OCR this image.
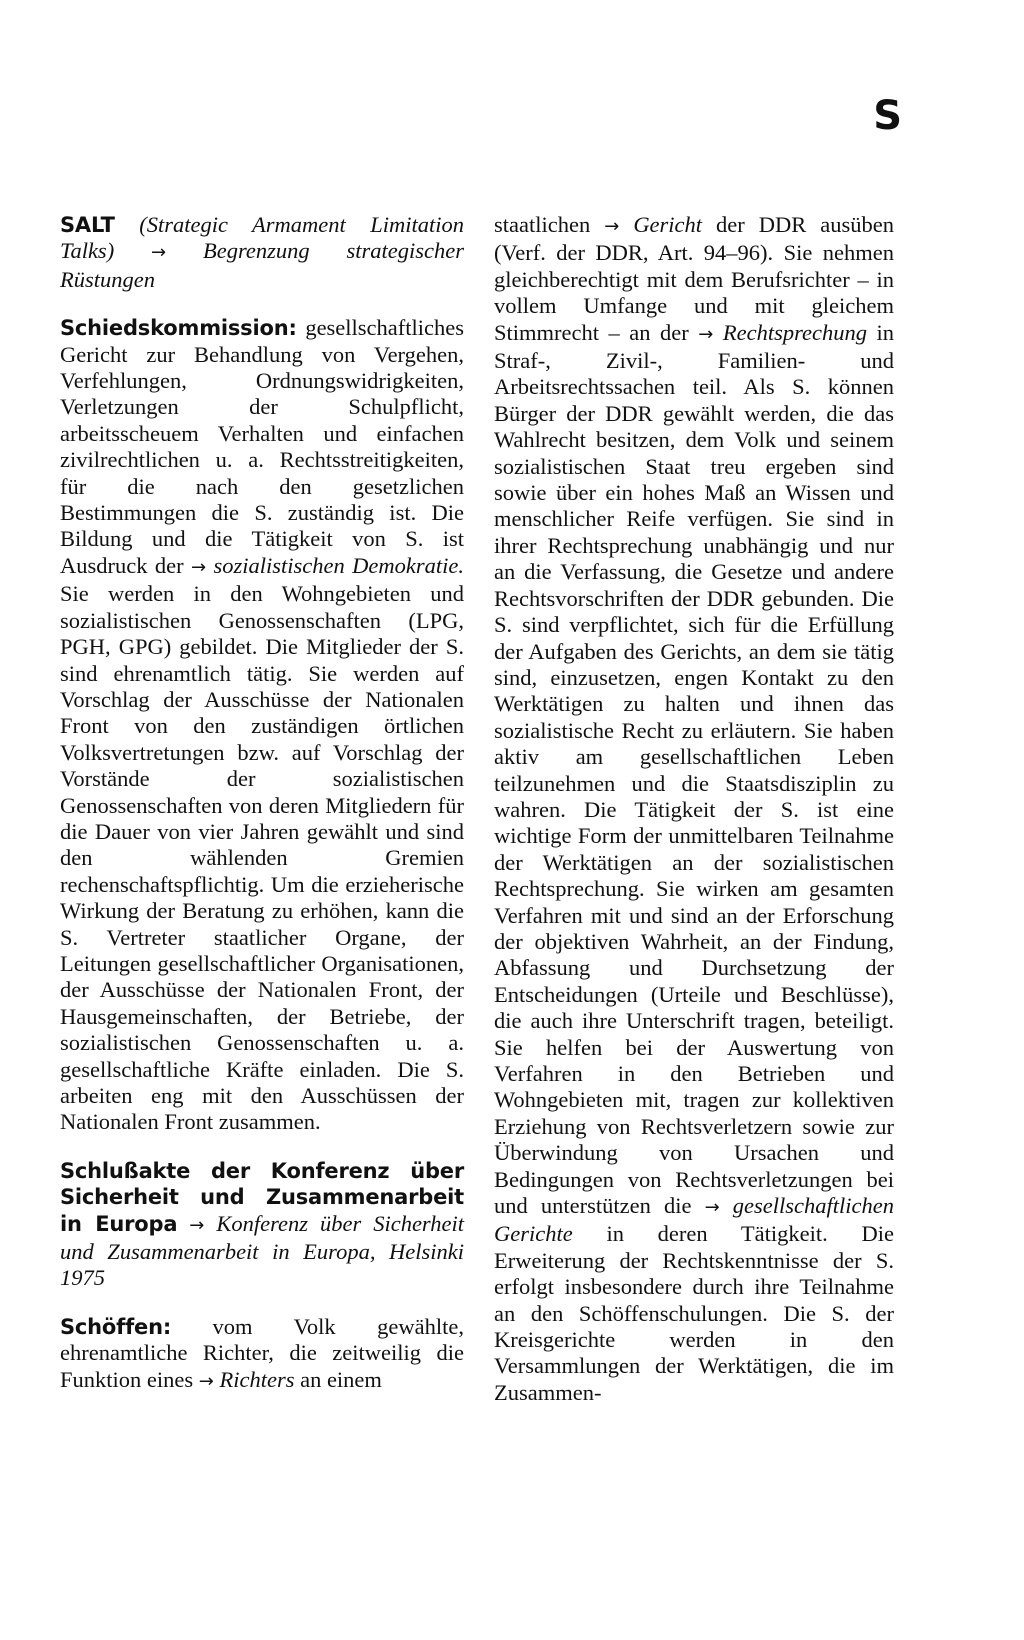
S
SALT (Strategic Armament Limitation Talks) → Begrenzung strategischer Rüstungen
Schiedskommission: gesellschaftliches Gericht zur Behandlung von Vergehen, Verfehlungen, Ordnungswidrigkeiten, Verletzungen der Schulpflicht, arbeitsscheuem Verhalten und einfachen zivilrechtlichen u. a. Rechtsstreitigkeiten, für die nach den gesetzlichen Bestimmungen die S. zuständig ist. Die Bildung und die Tätigkeit von S. ist Ausdruck der → sozialistischen Demokratie. Sie werden in den Wohngebieten und sozialistischen Genossenschaften (LPG, PGH, GPG) gebildet. Die Mitglieder der S. sind ehrenamtlich tätig. Sie werden auf Vorschlag der Ausschüsse der Nationalen Front von den zuständigen örtlichen Volksvertretungen bzw. auf Vorschlag der Vorstände der sozialistischen Genossenschaften von deren Mitgliedern für die Dauer von vier Jahren gewählt und sind den wählenden Gremien rechenschaftspflichtig. Um die erzieherische Wirkung der Beratung zu erhöhen, kann die S. Vertreter staatlicher Organe, der Leitungen gesellschaftlicher Organisationen, der Ausschüsse der Nationalen Front, der Hausgemeinschaften, der Betriebe, der sozialistischen Genossenschaften u. a. gesellschaftliche Kräfte einladen. Die S. arbeiten eng mit den Ausschüssen der Nationalen Front zusammen.
Schlußakte der Konferenz über Sicherheit und Zusammenarbeit in Europa → Konferenz über Sicherheit und Zusammenarbeit in Europa, Helsinki 1975
Schöffen: vom Volk gewählte, ehrenamtliche Richter, die zeitweilig die Funktion eines → Richters an einem

staatlichen → Gericht der DDR ausüben (Verf. der DDR, Art. 94–96). Sie nehmen gleichberechtigt mit dem Berufsrichter – in vollem Umfange und mit gleichem Stimmrecht – an der → Rechtsprechung in Straf-, Zivil-, Familien- und Arbeitsrechtssachen teil. Als S. können Bürger der DDR gewählt werden, die das Wahlrecht besitzen, dem Volk und seinem sozialistischen Staat treu ergeben sind sowie über ein hohes Maß an Wissen und menschlicher Reife verfügen. Sie sind in ihrer Rechtsprechung unabhängig und nur an die Verfassung, die Gesetze und andere Rechtsvorschriften der DDR gebunden. Die S. sind verpflichtet, sich für die Erfüllung der Aufgaben des Gerichts, an dem sie tätig sind, einzusetzen, engen Kontakt zu den Werktätigen zu halten und ihnen das sozialistische Recht zu erläutern. Sie haben aktiv am gesellschaftlichen Leben teilzunehmen und die Staatsdisziplin zu wahren. Die Tätigkeit der S. ist eine wichtige Form der unmittelbaren Teilnahme der Werktätigen an der sozialistischen Rechtsprechung. Sie wirken am gesamten Verfahren mit und sind an der Erforschung der objektiven Wahrheit, an der Findung, Abfassung und Durchsetzung der Entscheidungen (Urteile und Beschlüsse), die auch ihre Unterschrift tragen, beteiligt. Sie helfen bei der Auswertung von Verfahren in den Betrieben und Wohngebieten mit, tragen zur kollektiven Erziehung von Rechtsverletzern sowie zur Überwindung von Ursachen und Bedingungen von Rechtsverletzungen bei und unterstützen die → gesellschaftlichen Gerichte in deren Tätigkeit. Die Erweiterung der Rechtskenntnisse der S. erfolgt insbesondere durch ihre Teilnahme an den Schöffenschulungen. Die S. der Kreisgerichte werden in den Versammlungen der Werktätigen, die im Zusammen-
